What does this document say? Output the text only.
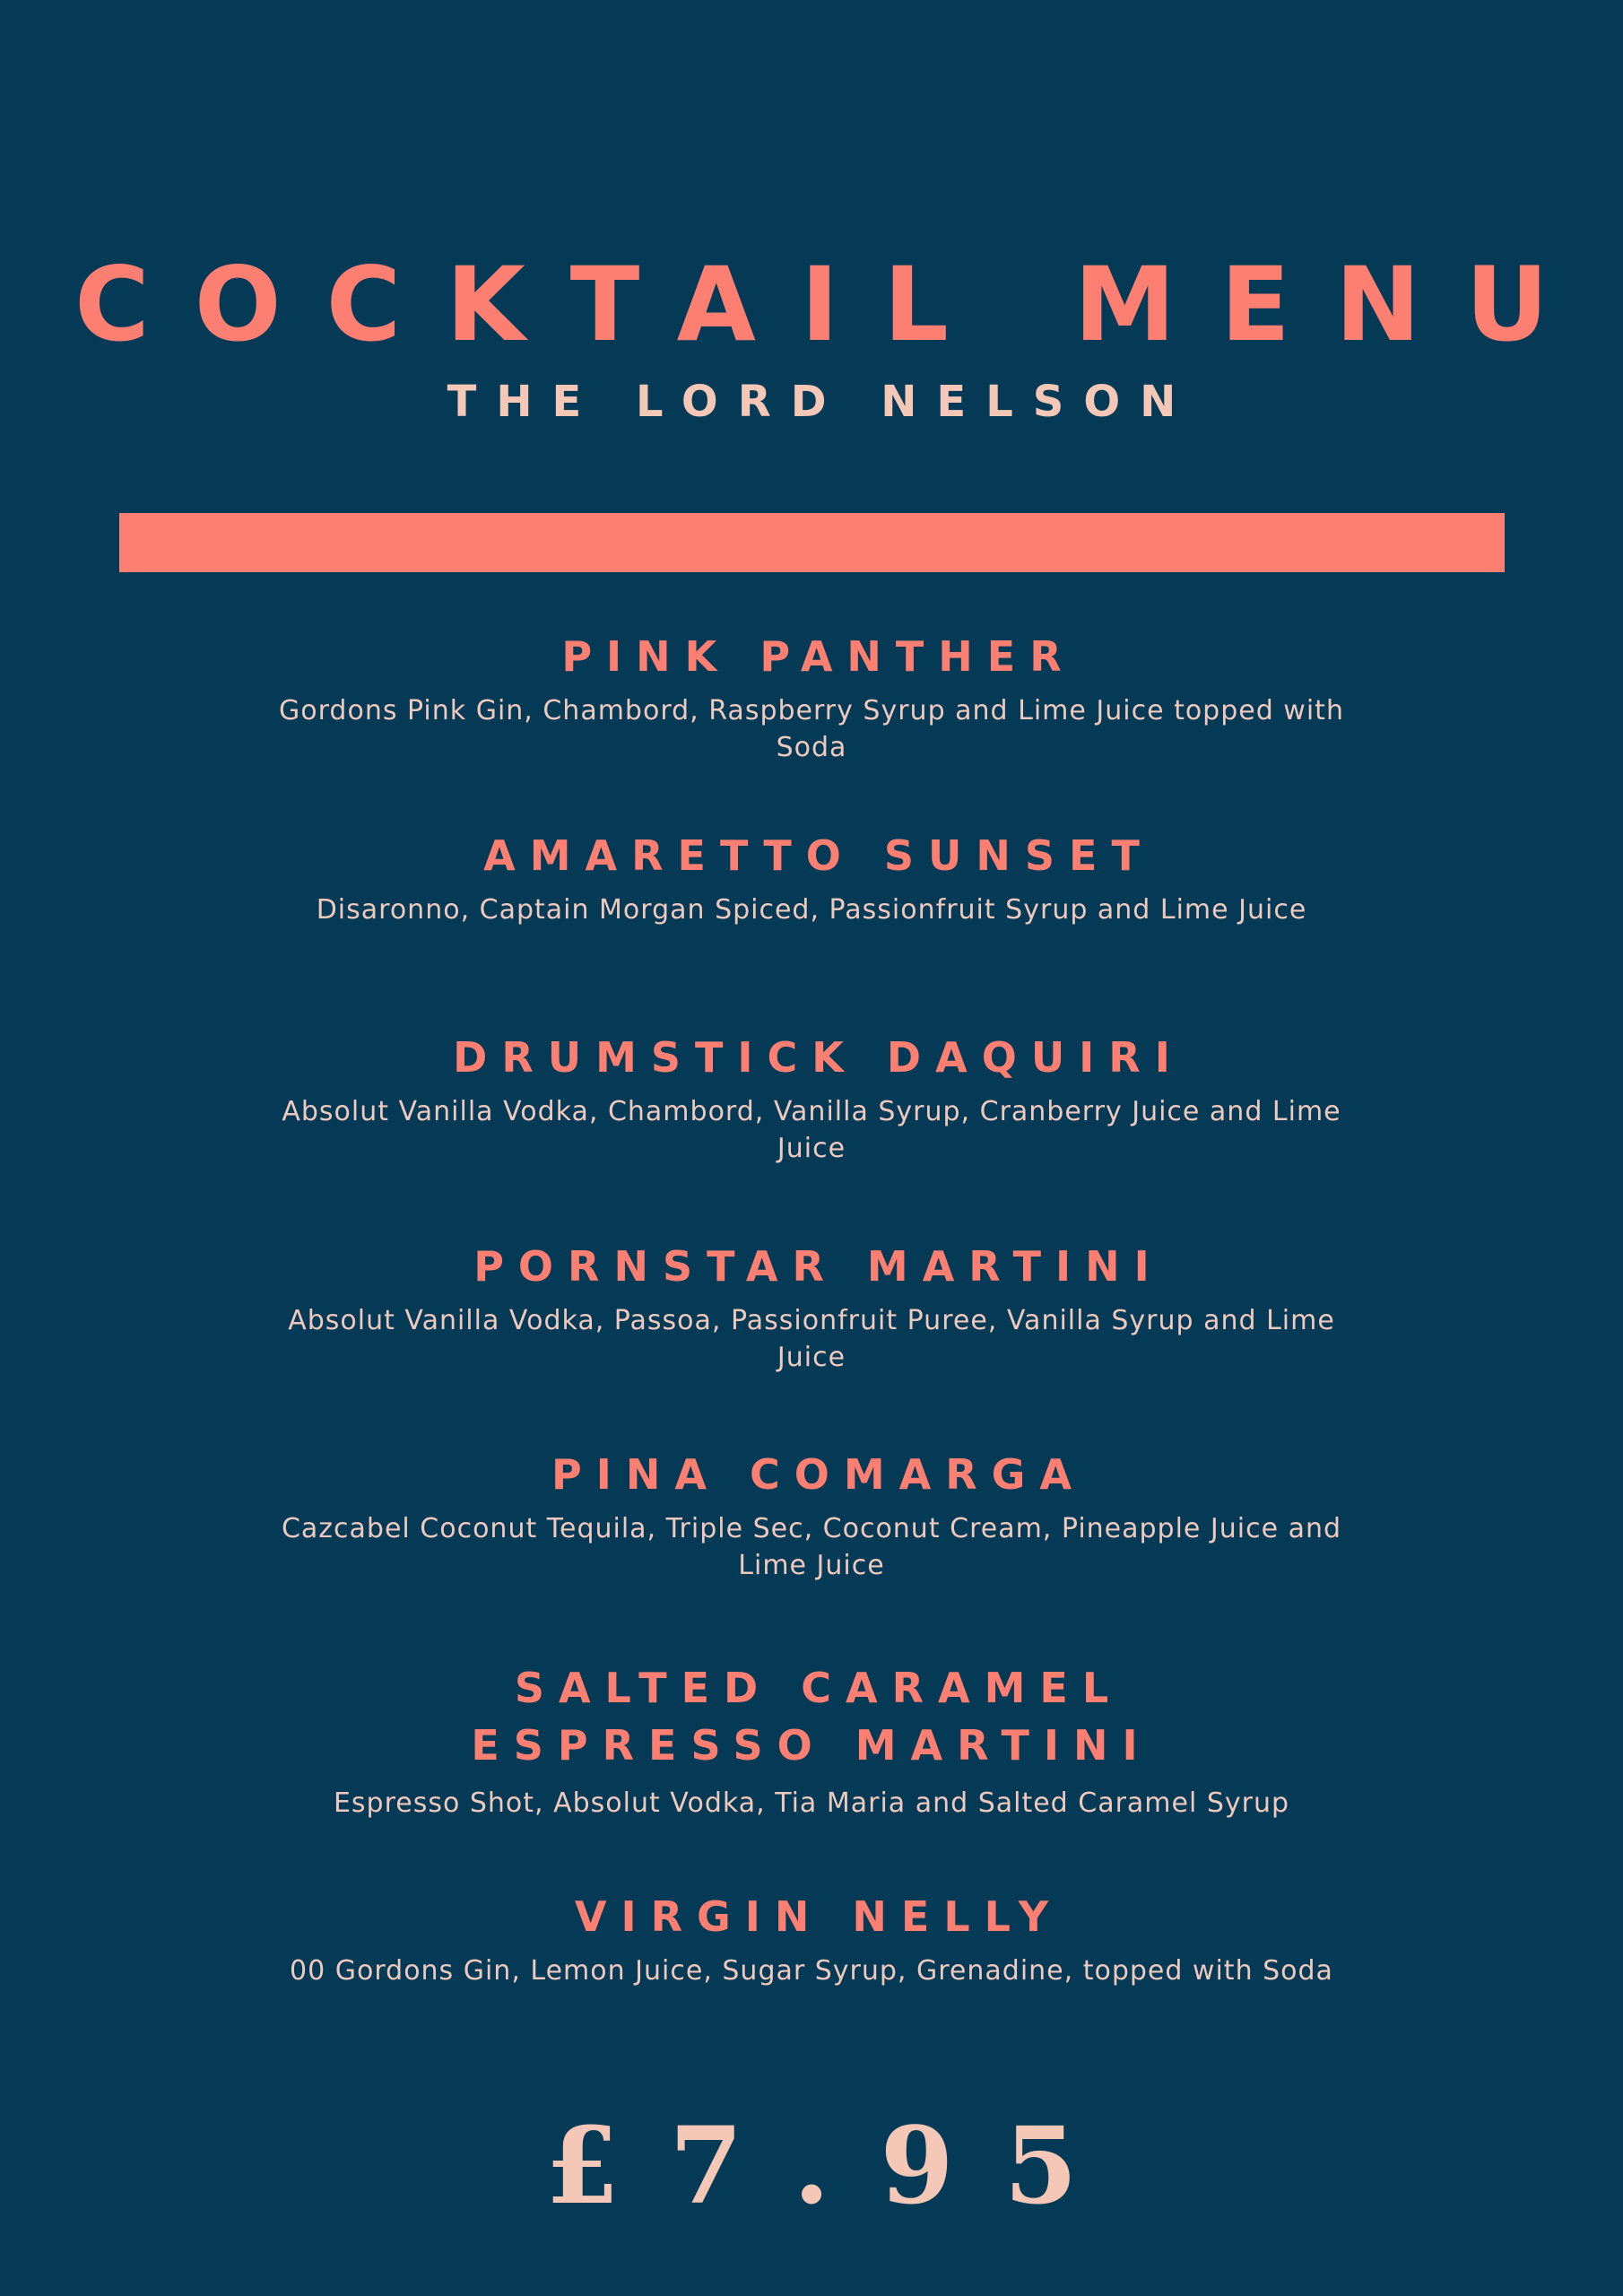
COCKTAIL MENU
THE LORD NELSON
PINK PANTHER
Gordons Pink Gin, Chambord, Raspberry Syrup and Lime Juice topped with Soda
AMARETTO SUNSET
Disaronno, Captain Morgan Spiced, Passionfruit Syrup and Lime Juice
DRUMSTICK DAQUIRI
Absolut Vanilla Vodka, Chambord, Vanilla Syrup, Cranberry Juice and Lime Juice
PORNSTAR MARTINI
Absolut Vanilla Vodka, Passoa, Passionfruit Puree, Vanilla Syrup and Lime Juice
PINA COMARGA
Cazcabel Coconut Tequila, Triple Sec, Coconut Cream, Pineapple Juice and Lime Juice
SALTED CARAMEL ESPRESSO MARTINI
Espresso Shot, Absolut Vodka, Tia Maria and Salted Caramel Syrup
VIRGIN NELLY
00 Gordons Gin, Lemon Juice, Sugar Syrup, Grenadine, topped with Soda
£7.95
